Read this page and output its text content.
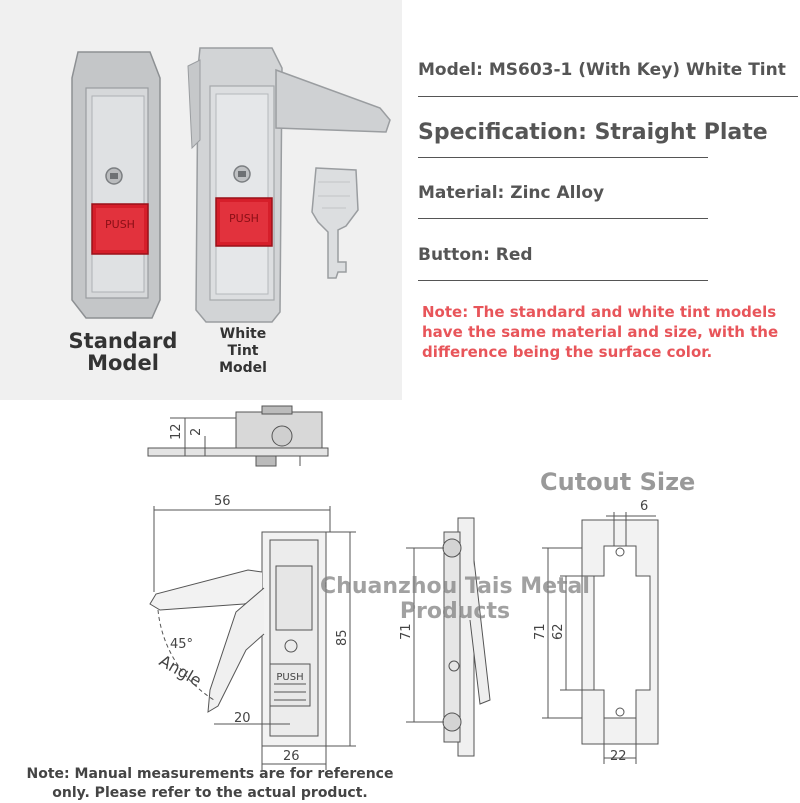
PUSH	PUSH
Standard Model
White Tint Model
Model: MS603-1 (With Key) White Tint
Specification: Straight Plate
Material: Zinc Alloy
Button: Red
Note: The standard and white tint models have the same material and size, with the difference being the surface color.
12 2
56
85
20
26
45°
Angle
71	71 62
6
22
PUSH
Cutout Size
Chuanzhou Tais Metal Products
Note: Manual measurements are for reference only. Please refer to the actual product.
